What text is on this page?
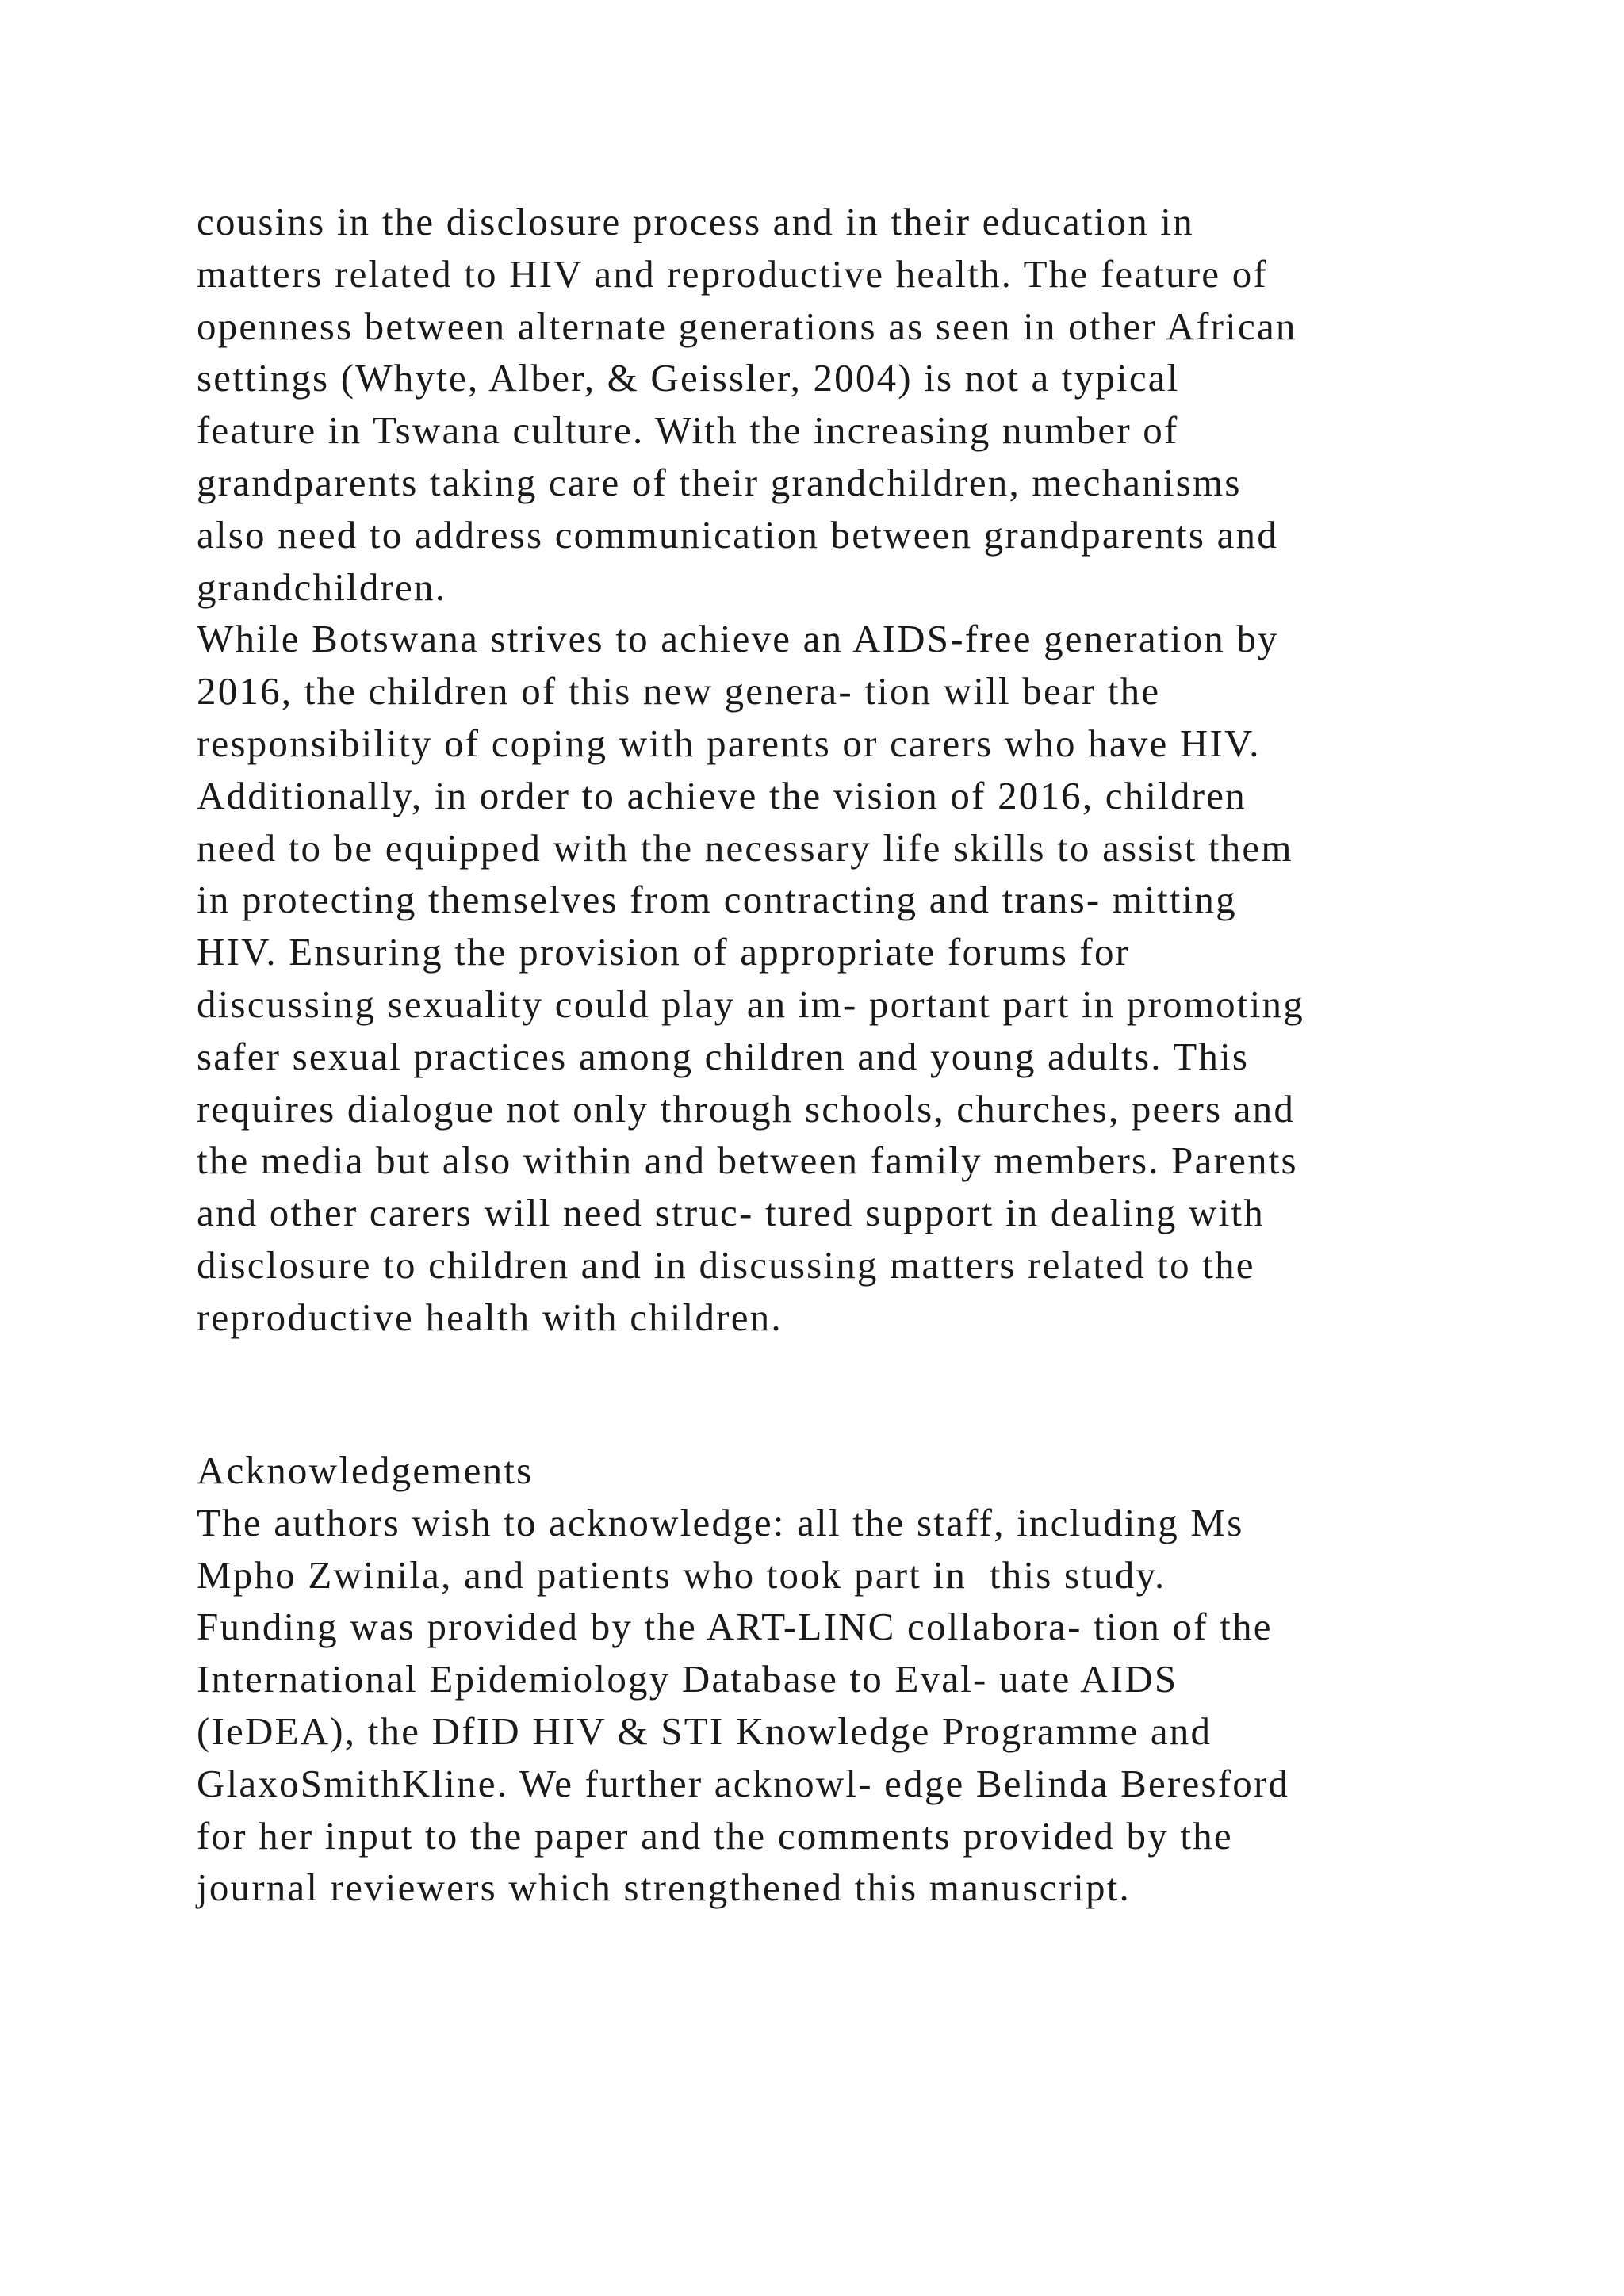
cousins in the disclosure process and in their education in
matters related to HIV and reproductive health. The feature of
openness between alternate generations as seen in other African
settings (Whyte, Alber, & Geissler, 2004) is not a typical
feature in Tswana culture. With the increasing number of
grandparents taking care of their grandchildren, mechanisms
also need to address communication between grandparents and
grandchildren.
While Botswana strives to achieve an AIDS-free generation by
2016, the children of this new genera- tion will bear the
responsibility of coping with parents or carers who have HIV.
Additionally, in order to achieve the vision of 2016, children
need to be equipped with the necessary life skills to assist them
in protecting themselves from contracting and trans- mitting
HIV. Ensuring the provision of appropriate forums for
discussing sexuality could play an im- portant part in promoting
safer sexual practices among children and young adults. This
requires dialogue not only through schools, churches, peers and
the media but also within and between family members. Parents
and other carers will need struc- tured support in dealing with
disclosure to children and in discussing matters related to the
reproductive health with children.
Acknowledgements
The authors wish to acknowledge: all the staff, including Ms
Mpho Zwinila, and patients who took part in  this study.
Funding was provided by the ART-LINC collabora- tion of the
International Epidemiology Database to Eval- uate AIDS
(IeDEA), the DfID HIV & STI Knowledge Programme and
GlaxoSmithKline. We further acknowl- edge Belinda Beresford
for her input to the paper and the comments provided by the
journal reviewers which strengthened this manuscript.
